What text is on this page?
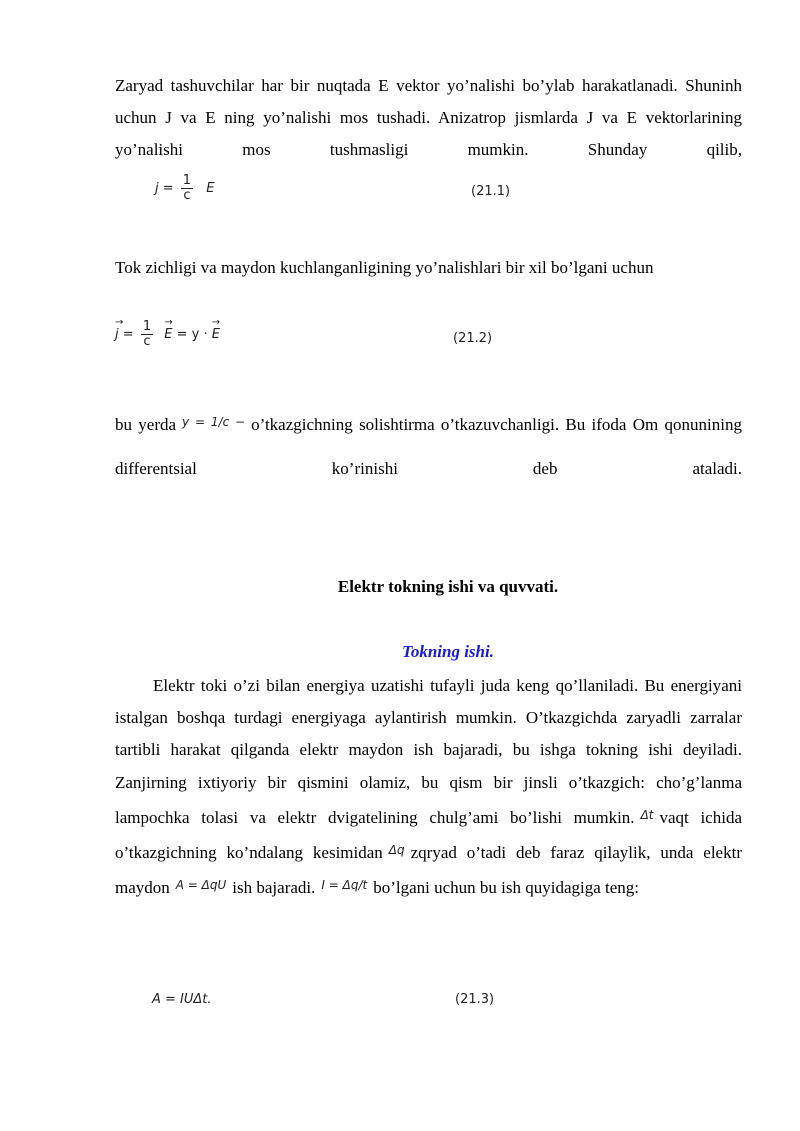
Zaryad tashuvchilar har bir nuqtada E vektor yo’nalishi bo’ylab harakatlanadi. Shuninh uchun J va E ning yo’nalishi mos tushadi. Anizatrop jismlarda J va E vektorlarining yo’nalishi mos tushmasligi mumkin. Shunday qilib,
$j = \frac{1}{c}$ E	(21.1)
Tok zichligi va maydon kuchlanganligining yo’nalishlari bir xil bo’lgani uchun
→ $j = \frac{1}{c}$
→ E = y · → E	(21.2)
bu yerda $^{y = 1/c -}$ o’tkazgichning solishtirma o’tkazuvchanligi. Bu ifoda Om qonunining differentsial ko’rinishi deb ataladi.
Elektr tokning ishi va quvvati.
Tokning ishi.
Elektr toki o’zi bilan energiya uzatishi tufayli juda keng qo’llaniladi. Bu energiyani istalgan boshqa turdagi energiyaga aylantirish mumkin. O’tkazgichda zaryadli zarralar tartibli harakat qilganda elektr maydon ish bajaradi, bu ishga tokning ishi deyiladi. Zanjirning ixtiyoriy bir qismini olamiz, bu qism bir jinsli o’tkazgich: cho’g’lanma lampochka tolasi va elektr dvigatelining chulg’ami bo’lishi mumkin. $^{\Delta t}$ vaqt ichida o’tkazgichning ko’ndalang kesimidan $^{\Delta q}$ zqryad o’tadi deb faraz qilaylik, unda elektr maydon $^{A = \Delta qU}$ ish bajaradi. $^{I = \Delta q/t}$ bo’lgani uchun bu ish quyidagiga teng:
A = IUΔt.	(21.3)
